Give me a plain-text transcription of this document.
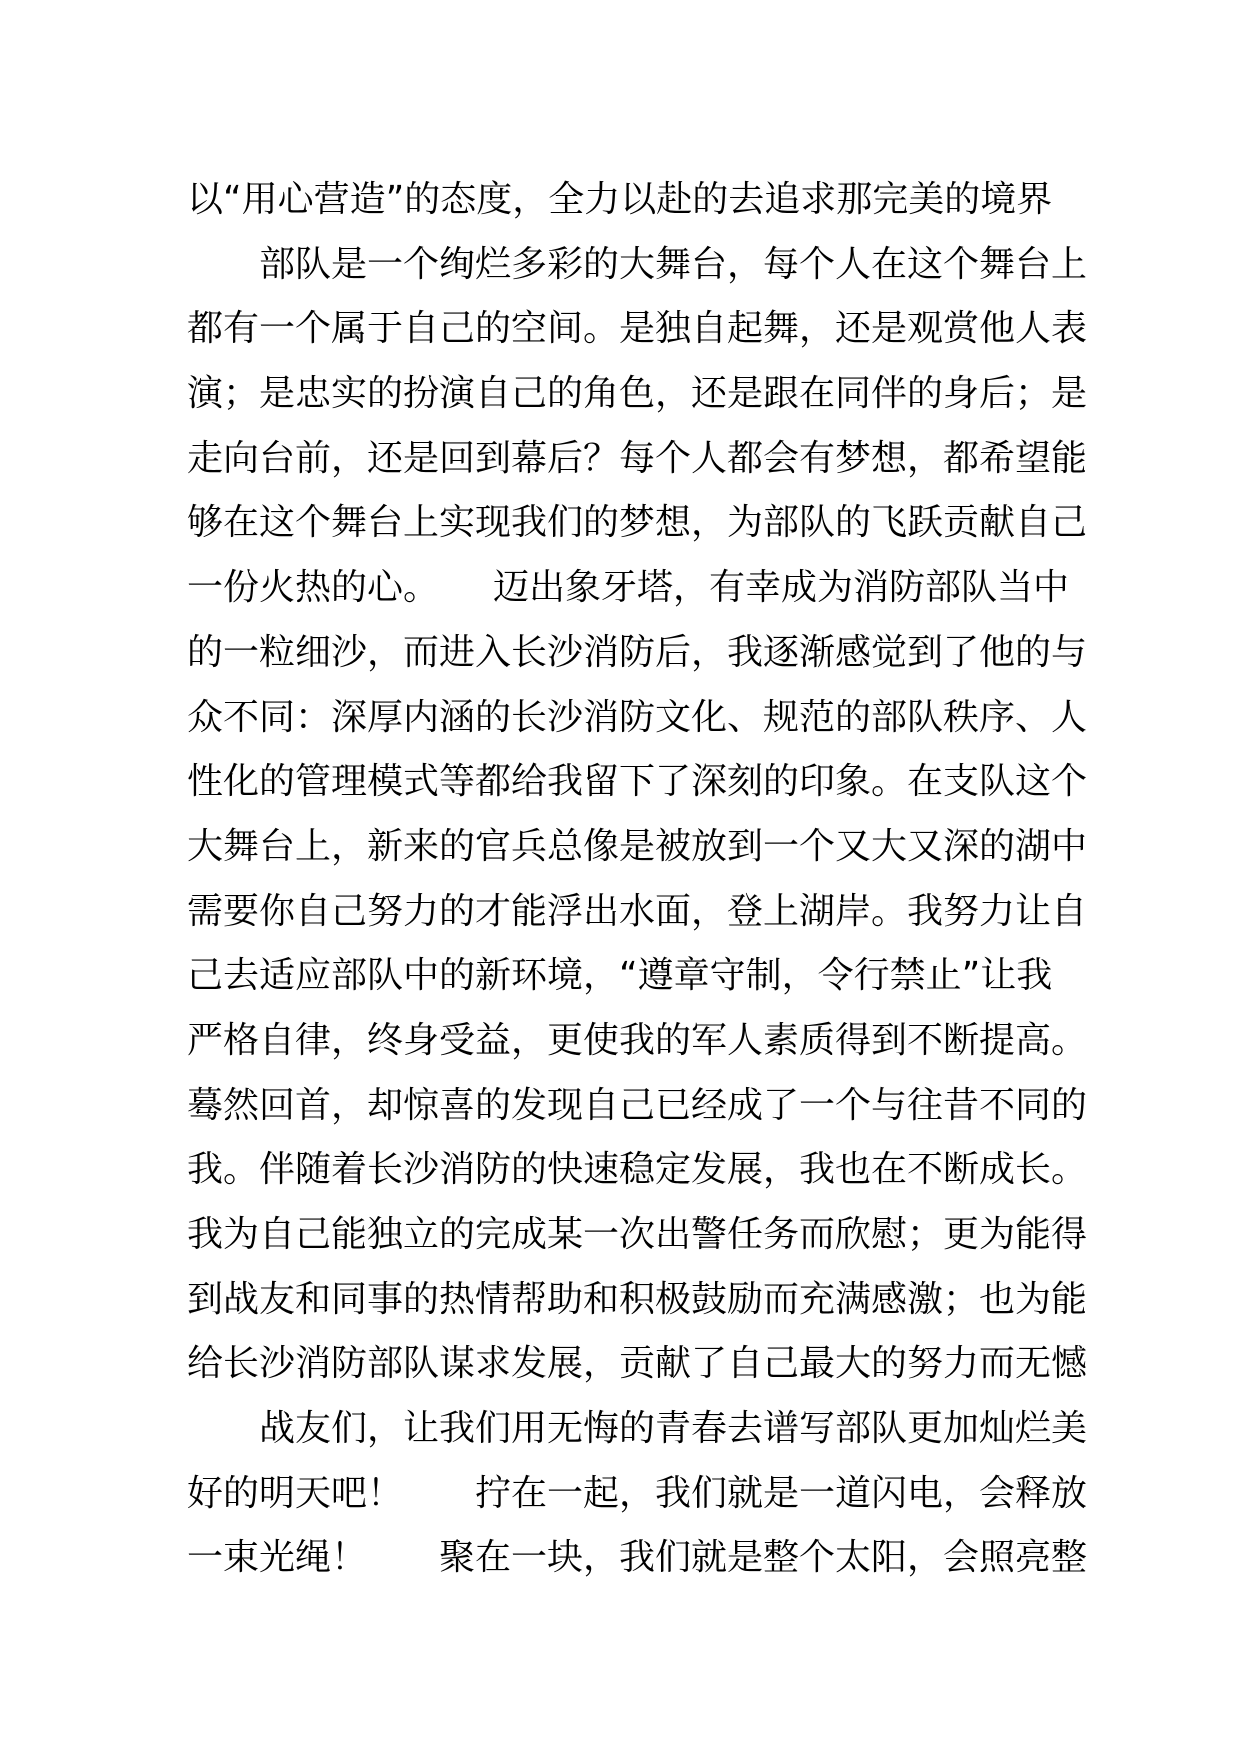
以“用心营造”的态度，全力以赴的去追求那完美的境界
　　部队是一个绚烂多彩的大舞台，每个人在这个舞台上
都有一个属于自己的空间。是独自起舞，还是观赏他人表
演；是忠实的扮演自己的角色，还是跟在同伴的身后；是
走向台前，还是回到幕后？每个人都会有梦想，都希望能
够在这个舞台上实现我们的梦想，为部队的飞跃贡献自己
一份火热的心。　　迈出象牙塔，有幸成为消防部队当中
的一粒细沙，而进入长沙消防后，我逐渐感觉到了他的与
众不同：深厚内涵的长沙消防文化、规范的部队秩序、人
性化的管理模式等都给我留下了深刻的印象。在支队这个
大舞台上，新来的官兵总像是被放到一个又大又深的湖中
需要你自己努力的才能浮出水面，登上湖岸。我努力让自
己去适应部队中的新环境，“遵章守制，令行禁止”让我
严格自律，终身受益，更使我的军人素质得到不断提高。
蓦然回首，却惊喜的发现自己已经成了一个与往昔不同的
我。伴随着长沙消防的快速稳定发展，我也在不断成长。
我为自己能独立的完成某一次出警任务而欣慰；更为能得
到战友和同事的热情帮助和积极鼓励而充满感激；也为能
给长沙消防部队谋求发展，贡献了自己最大的努力而无憾
　　战友们，让我们用无悔的青春去谱写部队更加灿烂美
好的明天吧！　　拧在一起，我们就是一道闪电，会释放
一束光绳！　　聚在一块，我们就是整个太阳，会照亮整
